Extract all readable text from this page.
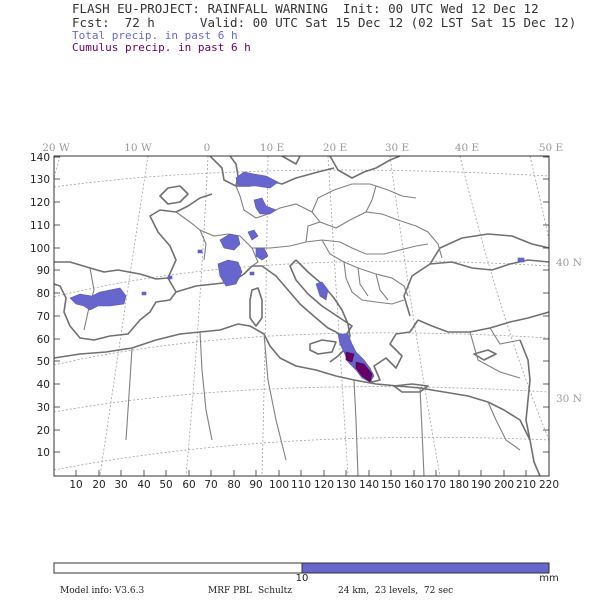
FLASH EU-PROJECT: RAINFALL WARNING  Init: 00 UTC Wed 12 Dec 12
Fcst:  72 h      Valid: 00 UTC Sat 15 Dec 12 (02 LST Sat 15 Dec 12)
Total precip. in past 6 h
Cumulus precip. in past 6 h
140
130
120
110
100
90
80
70
60
50
40
30
20
10
10 20 30 40 50 60 70 80 90 100 110 120 130 140 150 160 170 180 190 200 210 220
20 W	10 W	0	10 E	20 E	30 E	40 E	50 E
40 N
30 N
10	mm
Model info: V3.6.3	MRF PBL Schultz	24 km,  23 levels,  72 sec
